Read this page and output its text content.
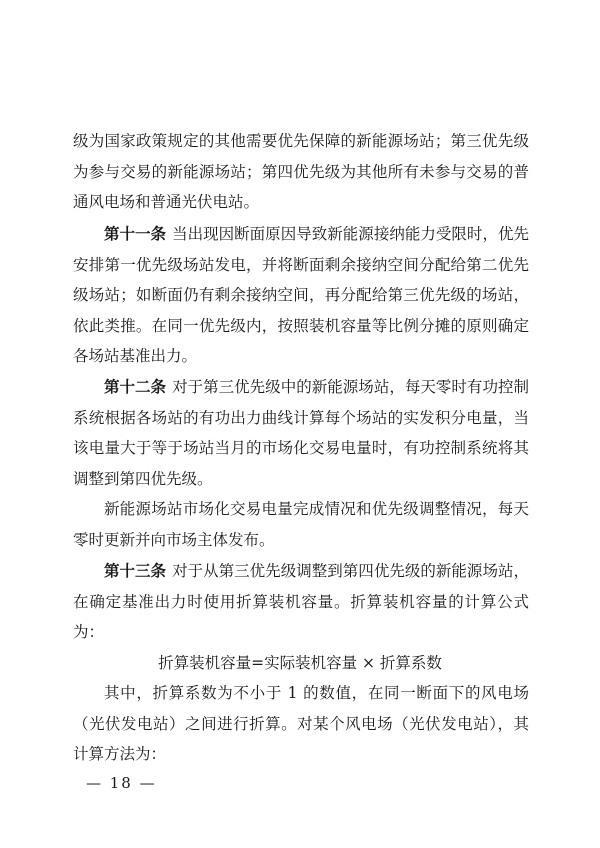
级为国家政策规定的其他需要优先保障的新能源场站；第三优先级为参与交易的新能源场站；第四优先级为其他所有未参与交易的普通风电场和普通光伏电站。

第十一条 当出现因断面原因导致新能源接纳能力受限时，优先安排第一优先级场站发电，并将断面剩余接纳空间分配给第二优先级场站；如断面仍有剩余接纳空间，再分配给第三优先级的场站，依此类推。在同一优先级内，按照装机容量等比例分摊的原则确定各场站基准出力。

第十二条 对于第三优先级中的新能源场站，每天零时有功控制系统根据各场站的有功出力曲线计算每个场站的实发积分电量，当该电量大于等于场站当月的市场化交易电量时，有功控制系统将其调整到第四优先级。

新能源场站市场化交易电量完成情况和优先级调整情况，每天零时更新并向市场主体发布。

第十三条 对于从第三优先级调整到第四优先级的新能源场站，在确定基准出力时使用折算装机容量。折算装机容量的计算公式为：

折算装机容量=实际装机容量 × 折算系数

其中，折算系数为不小于 1 的数值，在同一断面下的风电场（光伏发电站）之间进行折算。对某个风电场（光伏发电站），其计算方法为：

— 18 —
